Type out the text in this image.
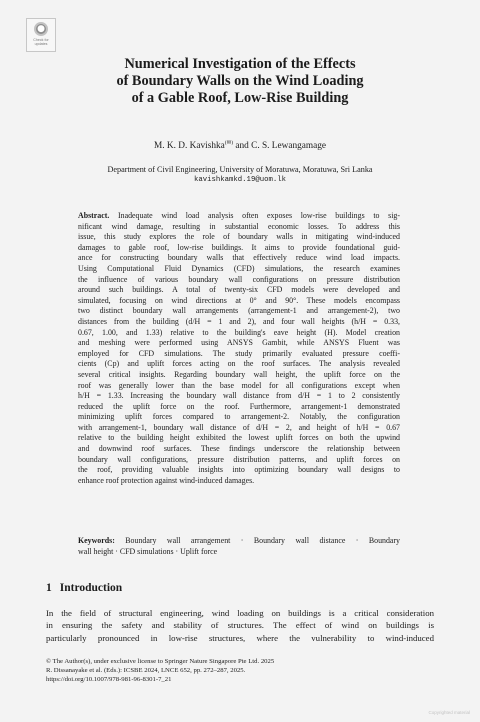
●
Check for
updates
Numerical Investigation of the Effects
of Boundary Walls on the Wind Loading
of a Gable Roof, Low-Rise Building
M. K. D. Kavishka(✉) and C. S. Lewangamage
Department of Civil Engineering, University of Moratuwa, Moratuwa, Sri Lanka
kavishkamkd.19@uom.lk
Abstract. Inadequate wind load analysis often exposes low-rise buildings to sig-
nificant wind damage, resulting in substantial economic losses. To address this
issue, this study explores the role of boundary walls in mitigating wind-induced
damages to gable roof, low-rise buildings. It aims to provide foundational guid-
ance for constructing boundary walls that effectively reduce wind load impacts.
Using Computational Fluid Dynamics (CFD) simulations, the research examines
the influence of various boundary wall configurations on pressure distribution
around such buildings. A total of twenty-six CFD models were developed and
simulated, focusing on wind directions at 0° and 90°. These models encompass
two distinct boundary wall arrangements (arrangement-1 and arrangement-2), two
distances from the building (d/H = 1 and 2), and four wall heights (h/H = 0.33,
0.67, 1.00, and 1.33) relative to the building's eave height (H). Model creation
and meshing were performed using ANSYS Gambit, while ANSYS Fluent was
employed for CFD simulations. The study primarily evaluated pressure coeffi-
cients (Cp) and uplift forces acting on the roof surfaces. The analysis revealed
several critical insights. Regarding boundary wall height, the uplift force on the
roof was generally lower than the base model for all configurations except when
h/H = 1.33. Increasing the boundary wall distance from d/H = 1 to 2 consistently
reduced the uplift force on the roof. Furthermore, arrangement-1 demonstrated
minimizing uplift forces compared to arrangement-2. Notably, the configuration
with arrangement-1, boundary wall distance of d/H = 2, and height of h/H = 0.67
relative to the building height exhibited the lowest uplift forces on both the upwind
and downwind roof surfaces. These findings underscore the relationship between
boundary wall configurations, pressure distribution patterns, and uplift forces on
the roof, providing valuable insights into optimizing boundary wall designs to
enhance roof protection against wind-induced damages.
Keywords: Boundary wall arrangement · Boundary wall distance · Boundary
wall height · CFD simulations · Uplift force
1 Introduction
In the field of structural engineering, wind loading on buildings is a critical consideration
in ensuring the safety and stability of structures. The effect of wind on buildings is
particularly pronounced in low-rise structures, where the vulnerability to wind-induced
© The Author(s), under exclusive license to Springer Nature Singapore Pte Ltd. 2025
R. Dissanayake et al. (Eds.): ICSBE 2024, LNCE 652, pp. 272–287, 2025.
https://doi.org/10.1007/978-981-96-8301-7_21
Copyrighted material
